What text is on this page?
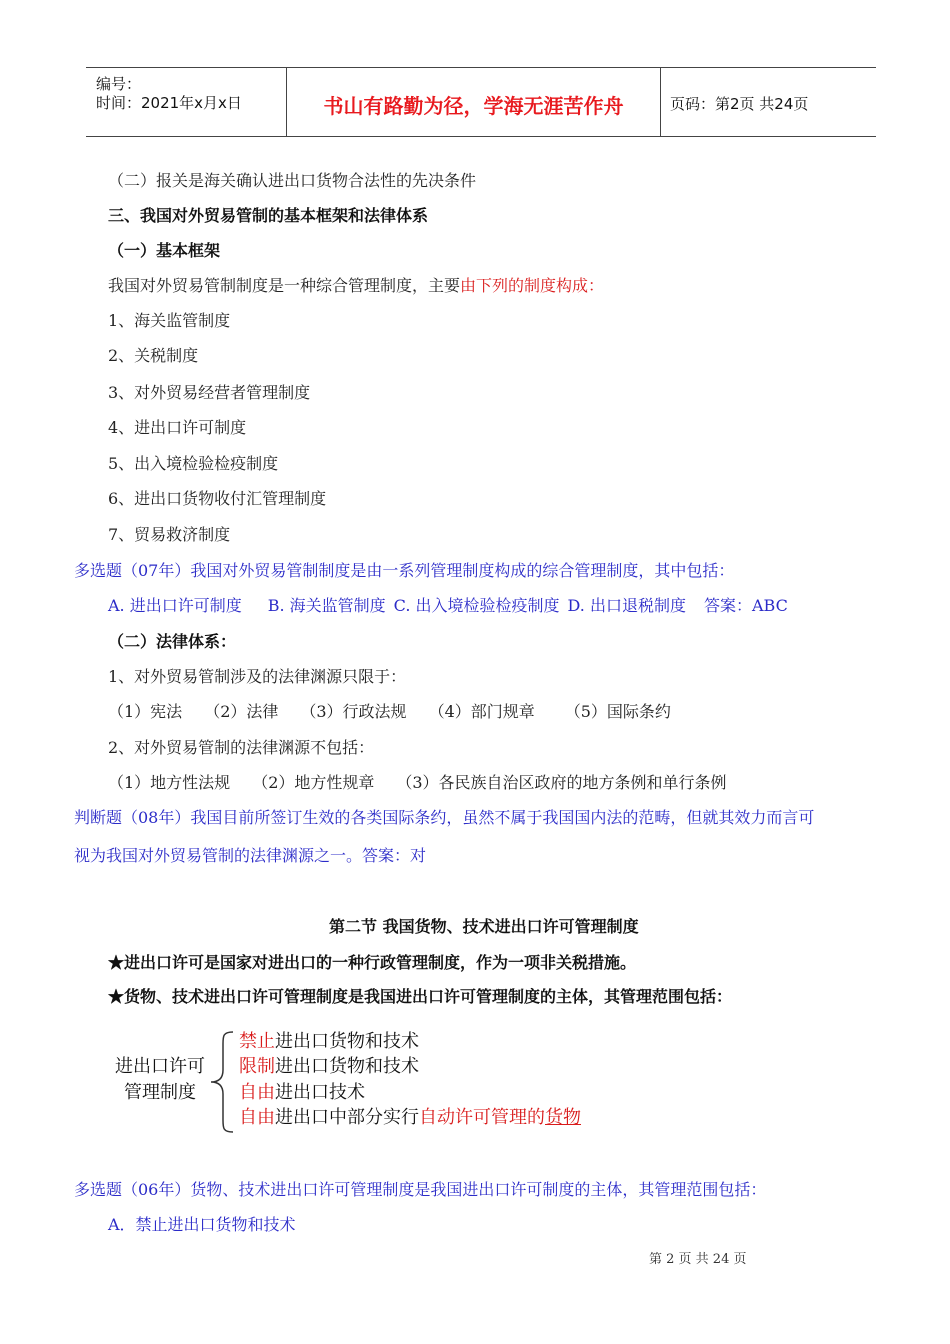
编号：
时间：2021年x月x日	书山有路勤为径，学海无涯苦作舟	页码：第2页 共24页
（二）报关是海关确认进出口货物合法性的先决条件
三、我国对外贸易管制的基本框架和法律体系
（一）基本框架
我国对外贸易管制制度是一种综合管理制度，主要由下列的制度构成：
1、海关监管制度
2、关税制度
3、对外贸易经营者管理制度
4、进出口许可制度
5、出入境检验检疫制度
6、进出口货物收付汇管理制度
7、贸易救济制度
多选题（07年）我国对外贸易管制制度是由一系列管理制度构成的综合管理制度，其中包括：
A. 进出口许可制度 B. 海关监管制度 C. 出入境检验检疫制度 D. 出口退税制度 答案：ABC
（二）法律体系：
1、对外贸易管制涉及的法律渊源只限于：
（1）宪法 （2）法律 （3）行政法规 （4）部门规章 （5）国际条约
2、对外贸易管制的法律渊源不包括：
（1）地方性法规 （2）地方性规章 （3）各民族自治区政府的地方条例和单行条例
判断题（08年）我国目前所签订生效的各类国际条约，虽然不属于我国国内法的范畴，但就其效力而言可
视为我国对外贸易管制的法律渊源之一。答案：对
第二节 我国货物、技术进出口许可管理制度
★进出口许可是国家对进出口的一种行政管理制度，作为一项非关税措施。
★货物、技术进出口许可管理制度是我国进出口许可管理制度的主体，其管理范围包括：
进出口许可
管理制度
禁止进出口货物和技术
限制进出口货物和技术
自由进出口技术
自由进出口中部分实行自动许可管理的货物
多选题（06年）货物、技术进出口许可管理制度是我国进出口许可制度的主体，其管理范围包括：
A．禁止进出口货物和技术
第 2 页 共 24 页
